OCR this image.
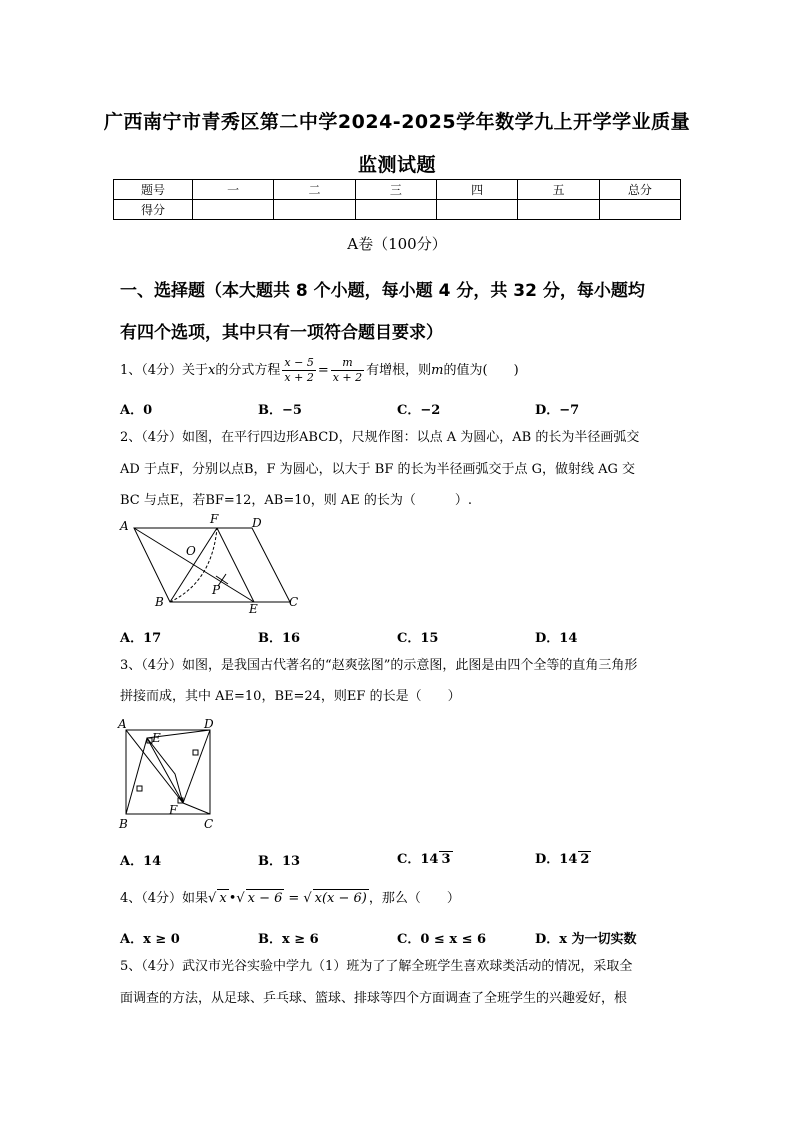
广西南宁市青秀区第二中学2024-2025学年数学九上开学学业质量
监测试题
题号	一	二	三	四	五	总分
得分						
A卷（100分）
一、选择题（本大题共 8 个小题，每小题 4 分，共 32 分，每小题均
有四个选项，其中只有一项符合题目要求）
1、（4分）关于x的分式方程 $\frac{x - 5}{x + 2} = \frac{m}{x + 2}$ 有增根，则m的值为(　　)
A．0	B．−5	C．−2	D．−7
2、（4分）如图，在平行四边形ABCD，尺规作图：以点 A 为圆心，AB 的长为半径画弧交
AD 于点F，分别以点B，F 为圆心，以大于 BF 的长为半径画弧交于点 G，做射线 AG 交
BC 与点E，若BF=12，AB=10，则 AE 的长为（　　　）.
A	F	D
O
P
B	E	C
A．17	B．16	C．15	D．14
3、（4分）如图，是我国古代著名的“赵爽弦图”的示意图，此图是由四个全等的直角三角形
拼接而成，其中 AE=10，BE=24，则EF 的长是（　　）
A	D
E
F
B	C
A．14	B．13	C．14 3	D．14 2
4、（4分）如果√ x •√ x − 6 = √ x(x − 6) ，那么（　　）
A．x ≥ 0	B．x ≥ 6	C．0 ≤ x ≤ 6	D．x 为一切实数
5、（4分）武汉市光谷实验中学九（1）班为了了解全班学生喜欢球类活动的情况，采取全
面调查的方法，从足球、乒乓球、篮球、排球等四个方面调查了全班学生的兴趣爱好，根
